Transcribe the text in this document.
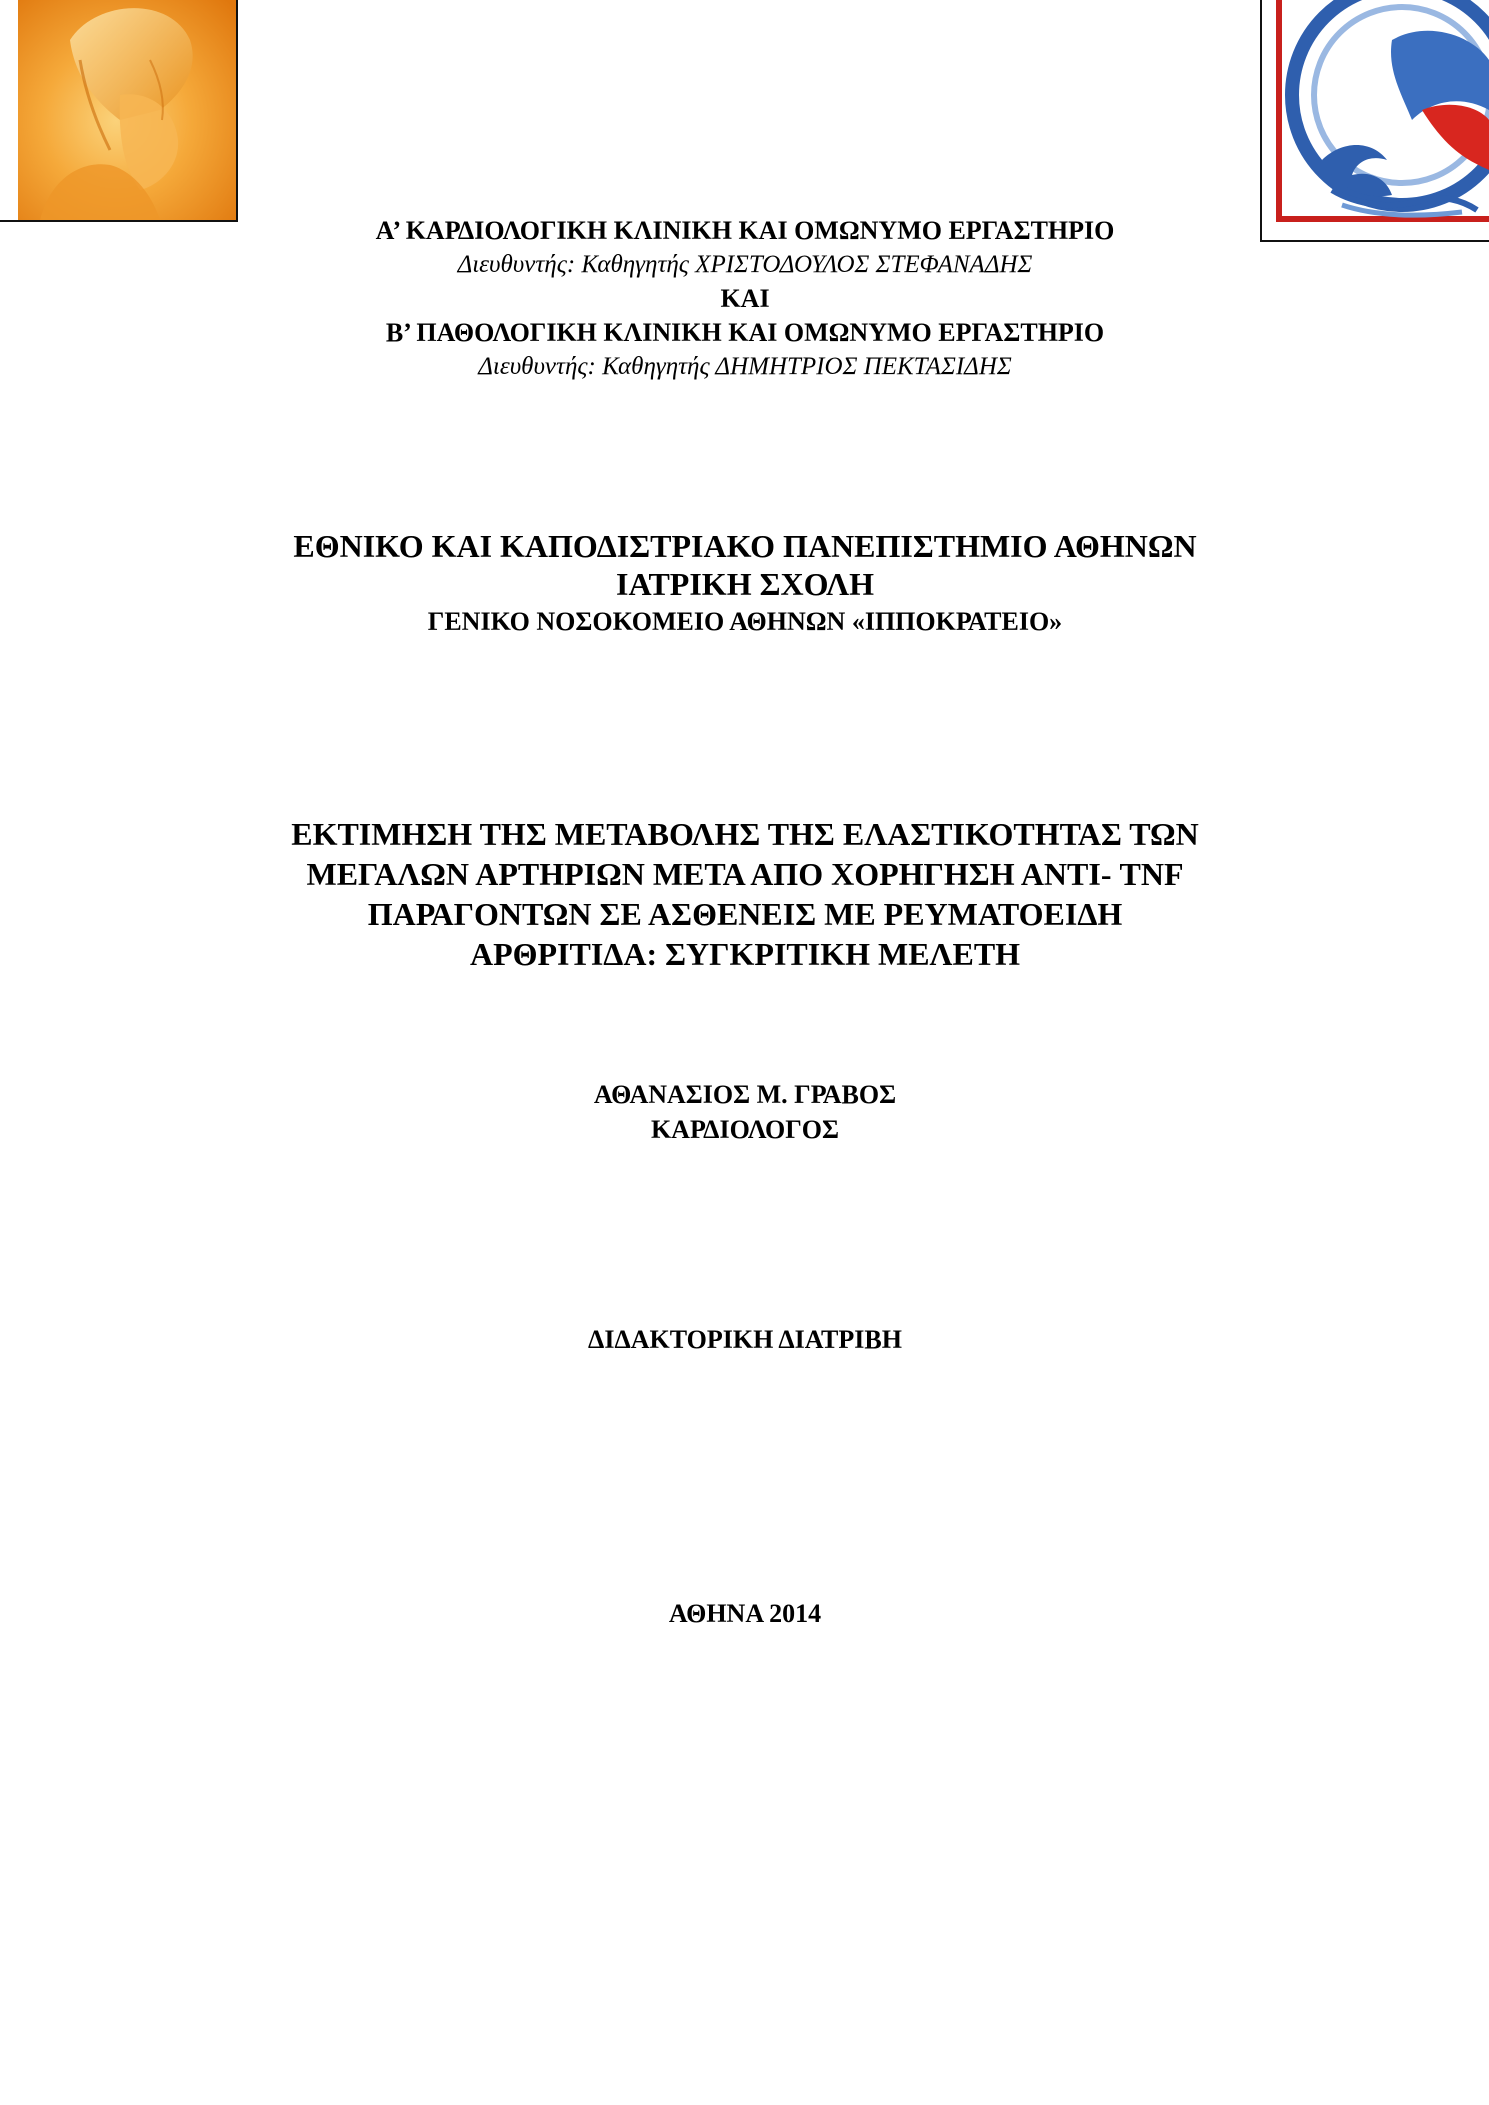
Α’ ΚΑΡΔΙΟΛΟΓΙΚΗ ΚΛΙΝΙΚΗ ΚΑΙ ΟΜΩΝΥΜΟ ΕΡΓΑΣΤΗΡΙΟ
Διευθυντής: Καθηγητής ΧΡΙΣΤΟΔΟΥΛΟΣ ΣΤΕΦΑΝΑΔΗΣ
ΚΑΙ
Β’ ΠΑΘΟΛΟΓΙΚΗ ΚΛΙΝΙΚΗ ΚΑΙ ΟΜΩΝΥΜΟ ΕΡΓΑΣΤΗΡΙΟ
Διευθυντής: Καθηγητής ΔΗΜΗΤΡΙΟΣ ΠΕΚΤΑΣΙΔΗΣ
ΕΘΝΙΚΟ ΚΑΙ ΚΑΠΟΔΙΣΤΡΙΑΚΟ ΠΑΝΕΠΙΣΤΗΜΙΟ ΑΘΗΝΩΝ
ΙΑΤΡΙΚΗ ΣΧΟΛΗ
ΓΕΝΙΚΟ ΝΟΣΟΚΟΜΕΙΟ ΑΘΗΝΩΝ «ΙΠΠΟΚΡΑΤΕΙΟ»
ΕΚΤΙΜΗΣΗ ΤΗΣ ΜΕΤΑΒΟΛΗΣ ΤΗΣ ΕΛΑΣΤΙΚΟΤΗΤΑΣ ΤΩΝ
ΜΕΓΑΛΩΝ ΑΡΤΗΡΙΩΝ ΜΕΤΑ ΑΠΟ ΧΟΡΗΓΗΣΗ ΑΝΤΙ- TNF
ΠΑΡΑΓΟΝΤΩΝ ΣΕ ΑΣΘΕΝΕΙΣ ΜΕ ΡΕΥΜΑΤΟΕΙΔΗ
ΑΡΘΡΙΤΙΔΑ: ΣΥΓΚΡΙΤΙΚΗ ΜΕΛΕΤΗ
ΑΘΑΝΑΣΙΟΣ Μ. ΓΡΑΒΟΣ
ΚΑΡΔΙΟΛΟΓΟΣ
ΔΙΔΑΚΤΟΡΙΚΗ ΔΙΑΤΡΙΒΗ
ΑΘΗΝΑ 2014
